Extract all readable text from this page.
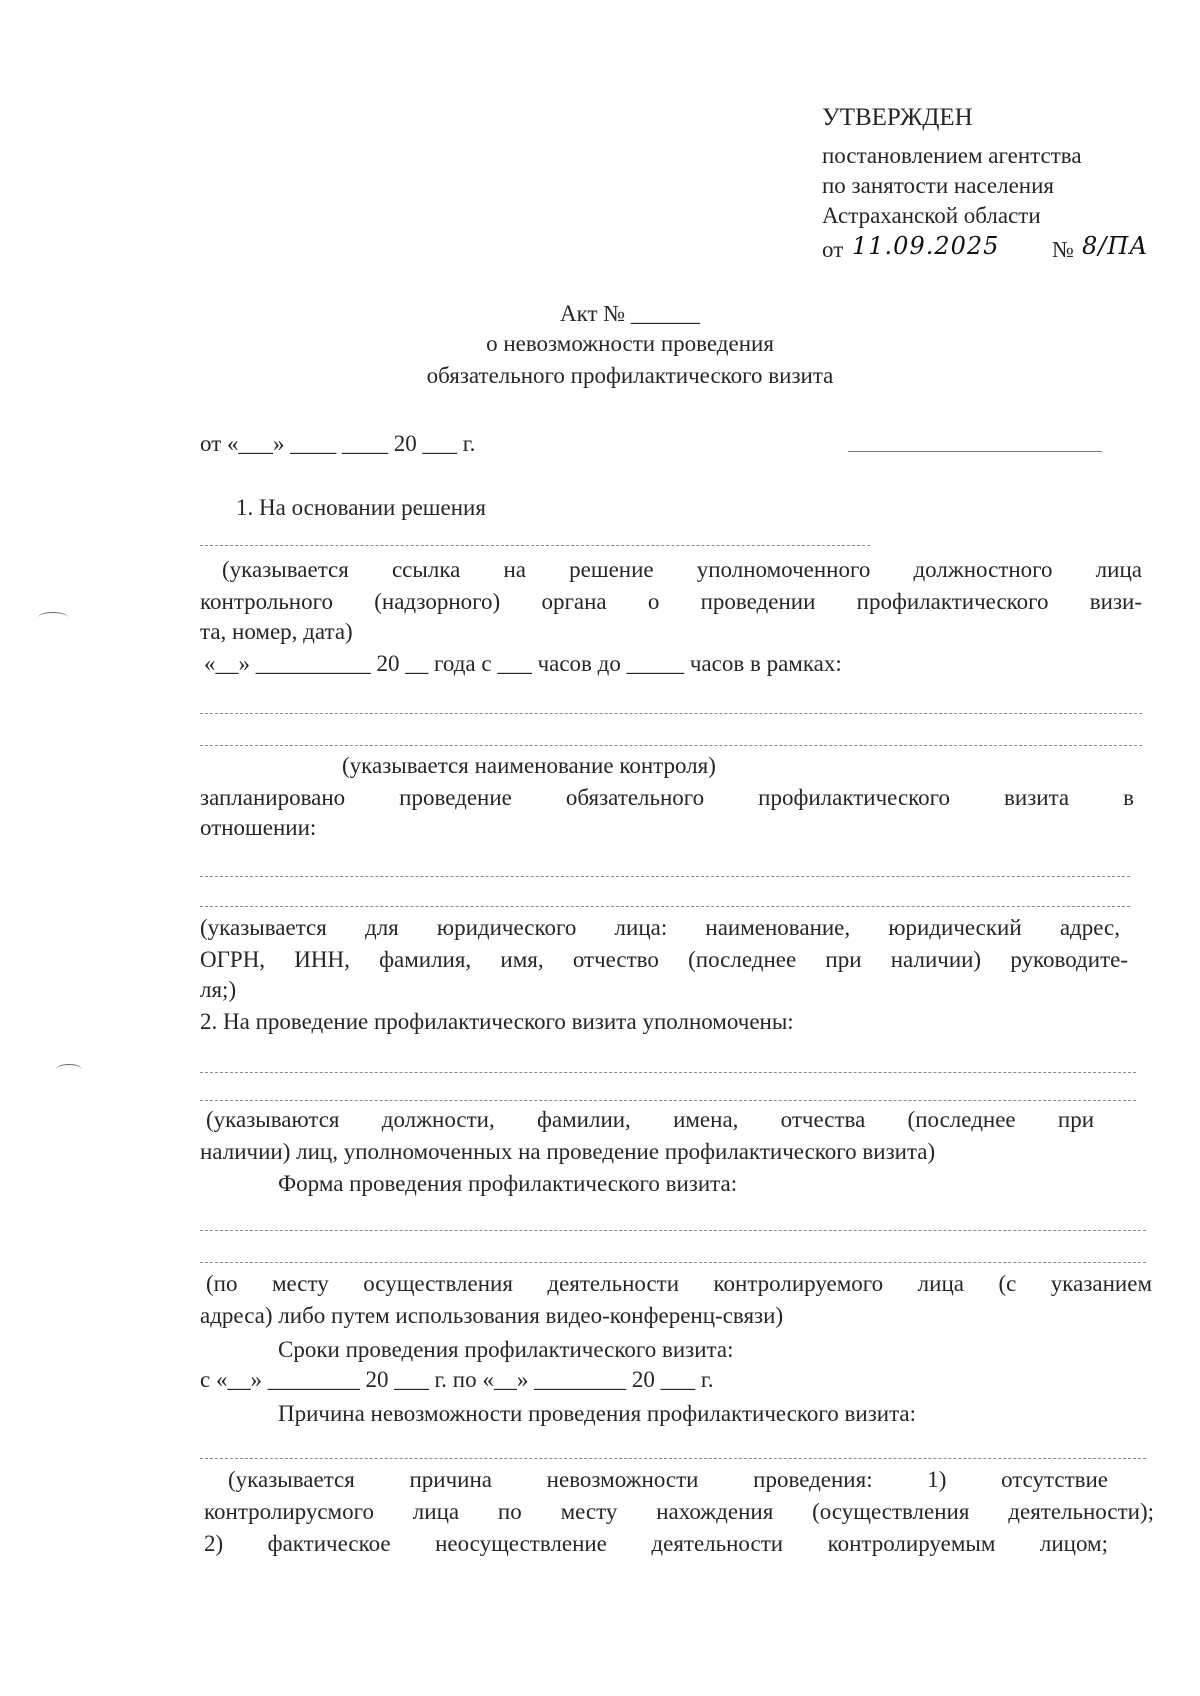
УТВЕРЖДЕН
постановлением агентства
по занятости населения
Астраханской области
от 11.09.2025 № 8/ПА
Акт № ______
о невозможности проведения
обязательного профилактического визита
от «___» ____ ____ 20 ___ г.
1. На основании решения
(указывается ссылка на решение уполномоченного должностного лица
контрольного (надзорного) органа о проведении профилактического визи-
та, номер, дата)
«__» __________ 20 __ года с ___ часов до _____ часов в рамках:
(указывается наименование контроля)
запланировано проведение обязательного профилактического визита в
отношении:
(указывается для юридического лица: наименование, юридический адрес,
ОГРН, ИНН, фамилия, имя, отчество (последнее при наличии) руководите-
ля;)
2. На проведение профилактического визита уполномочены:
(указываются должности, фамилии, имена, отчества (последнее при
наличии) лиц, уполномоченных на проведение профилактического визита)
Форма проведения профилактического визита:
(по месту осуществления деятельности контролируемого лица (с указанием
адреса) либо путем использования видео-конференц-связи)
Сроки проведения профилактического визита:
с «__» ________ 20 ___ г. по «__» ________ 20 ___ г.
Причина невозможности проведения профилактического визита:
(указывается причина невозможности проведения: 1) отсутствие
контролирусмого лица по месту нахождения (осуществления деятельности);
2) фактическое неосуществление деятельности контролируемым лицом;
